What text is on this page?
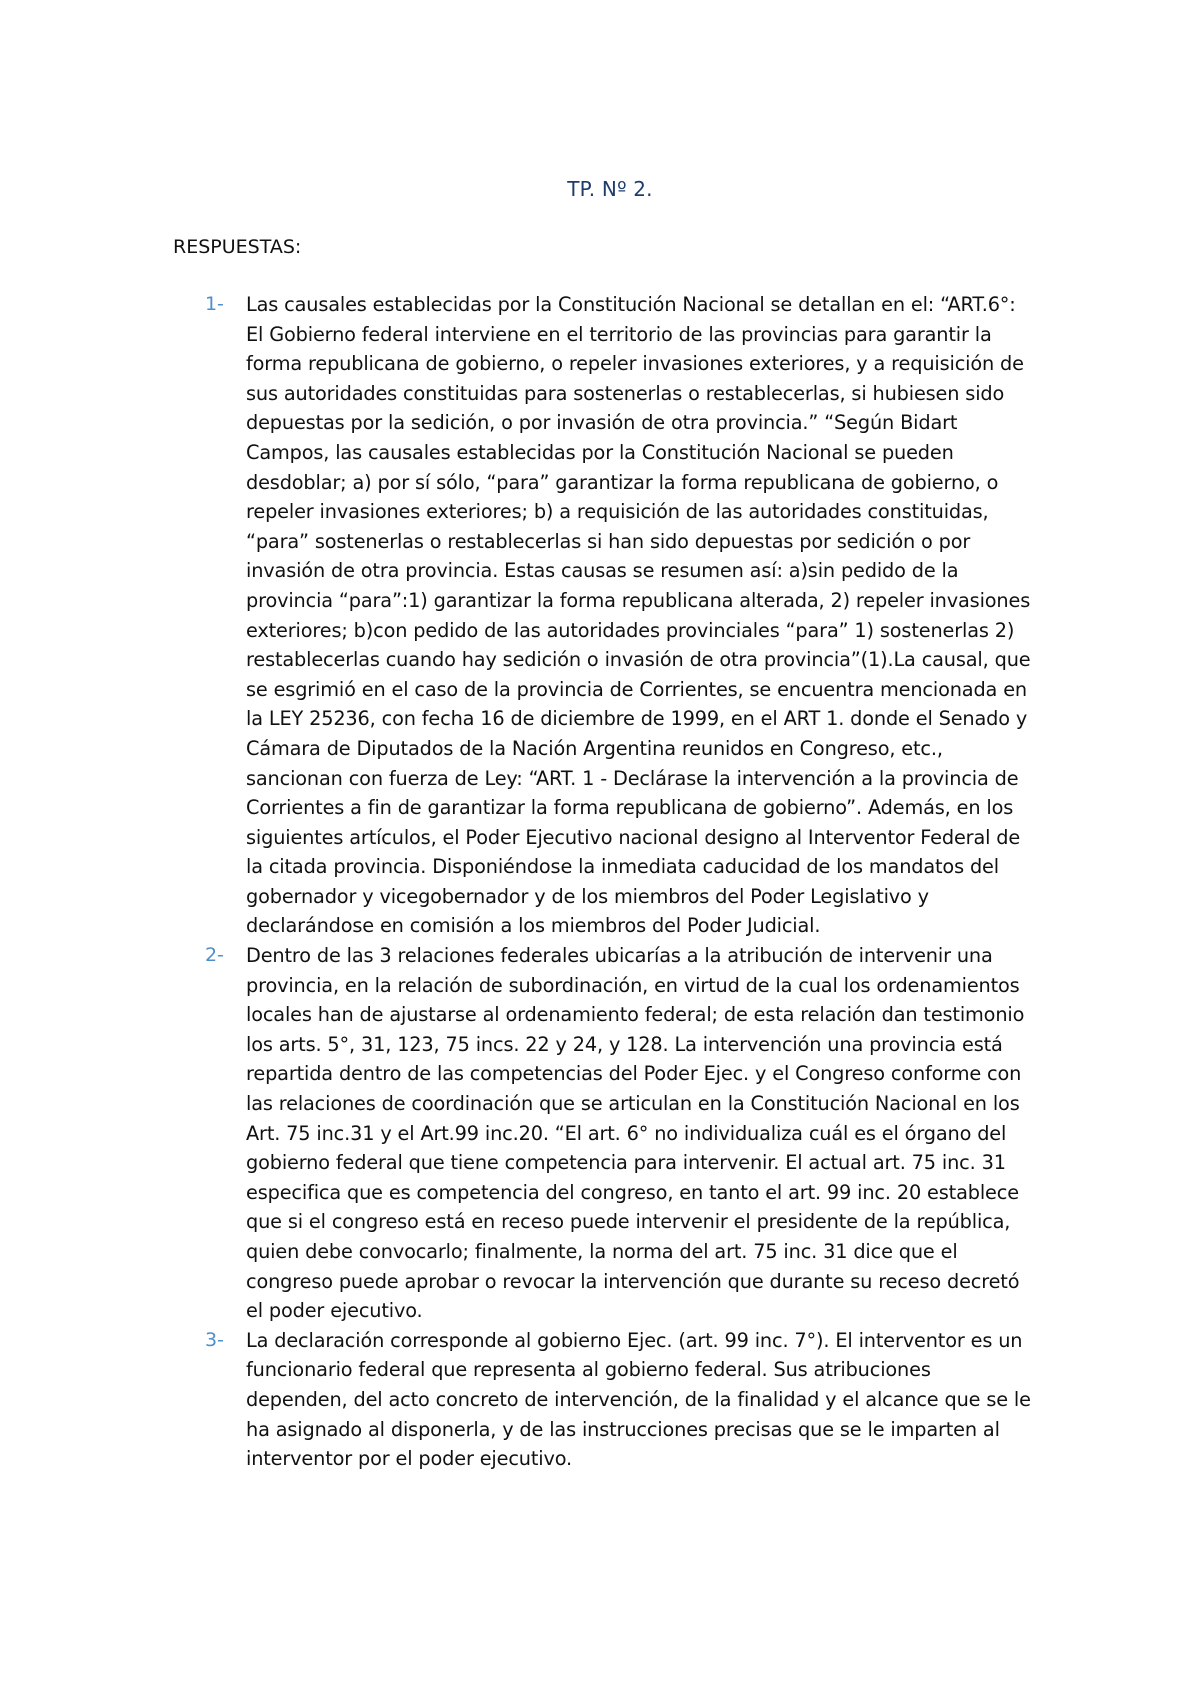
TP. Nº 2.
RESPUESTAS:
1- Las causales establecidas por la Constitución Nacional se detallan en el: “ART.6°: El Gobierno federal interviene en el territorio de las provincias para garantir la forma republicana de gobierno, o repeler invasiones exteriores, y a requisición de sus autoridades constituidas para sostenerlas o restablecerlas, si hubiesen sido depuestas por la sedición, o por invasión de otra provincia.” “Según Bidart Campos, las causales establecidas por la Constitución Nacional se pueden desdoblar; a) por sí sólo, “para” garantizar la forma republicana de gobierno, o repeler invasiones exteriores; b) a requisición de las autoridades constituidas, “para” sostenerlas o restablecerlas si han sido depuestas por sedición o por invasión de otra provincia. Estas causas se resumen así: a)sin pedido de la provincia “para”:1) garantizar la forma republicana alterada, 2) repeler invasiones exteriores; b)con pedido de las autoridades provinciales “para” 1) sostenerlas 2) restablecerlas cuando hay sedición o invasión de otra provincia”(1).La causal, que se esgrimió en el caso de la provincia de Corrientes, se encuentra mencionada en la LEY 25236, con fecha 16 de diciembre de 1999, en el ART 1. donde el Senado y Cámara de Diputados de la Nación Argentina reunidos en Congreso, etc., sancionan con fuerza de Ley: “ART. 1 - Declárase la intervención a la provincia de Corrientes a fin de garantizar la forma republicana de gobierno”. Además, en los siguientes artículos, el Poder Ejecutivo nacional designo al Interventor Federal de la citada provincia. Disponiéndose la inmediata caducidad de los mandatos del gobernador y vicegobernador y de los miembros del Poder Legislativo y declarándose en comisión a los miembros del Poder Judicial.
2- Dentro de las 3 relaciones federales ubicarías a la atribución de intervenir una provincia, en la relación de subordinación, en virtud de la cual los ordenamientos locales han de ajustarse al ordenamiento federal; de esta relación dan testimonio los arts. 5°, 31, 123, 75 incs. 22 y 24, y 128. La intervención una provincia está repartida dentro de las competencias del Poder Ejec. y el Congreso conforme con las relaciones de coordinación que se articulan en la Constitución Nacional en los Art. 75 inc.31 y el Art.99 inc.20. “El art. 6° no individualiza cuál es el órgano del gobierno federal que tiene competencia para intervenir. El actual art. 75 inc. 31 especifica que es competencia del congreso, en tanto el art. 99 inc. 20 establece que si el congreso está en receso puede intervenir el presidente de la república, quien debe convocarlo; finalmente, la norma del art. 75 inc. 31 dice que el congreso puede aprobar o revocar la intervención que durante su receso decretó el poder ejecutivo.
3- La declaración corresponde al gobierno Ejec. (art. 99 inc. 7°). El interventor es un funcionario federal que representa al gobierno federal. Sus atribuciones dependen, del acto concreto de intervención, de la finalidad y el alcance que se le ha asignado al disponerla, y de las instrucciones precisas que se le imparten al interventor por el poder ejecutivo.
